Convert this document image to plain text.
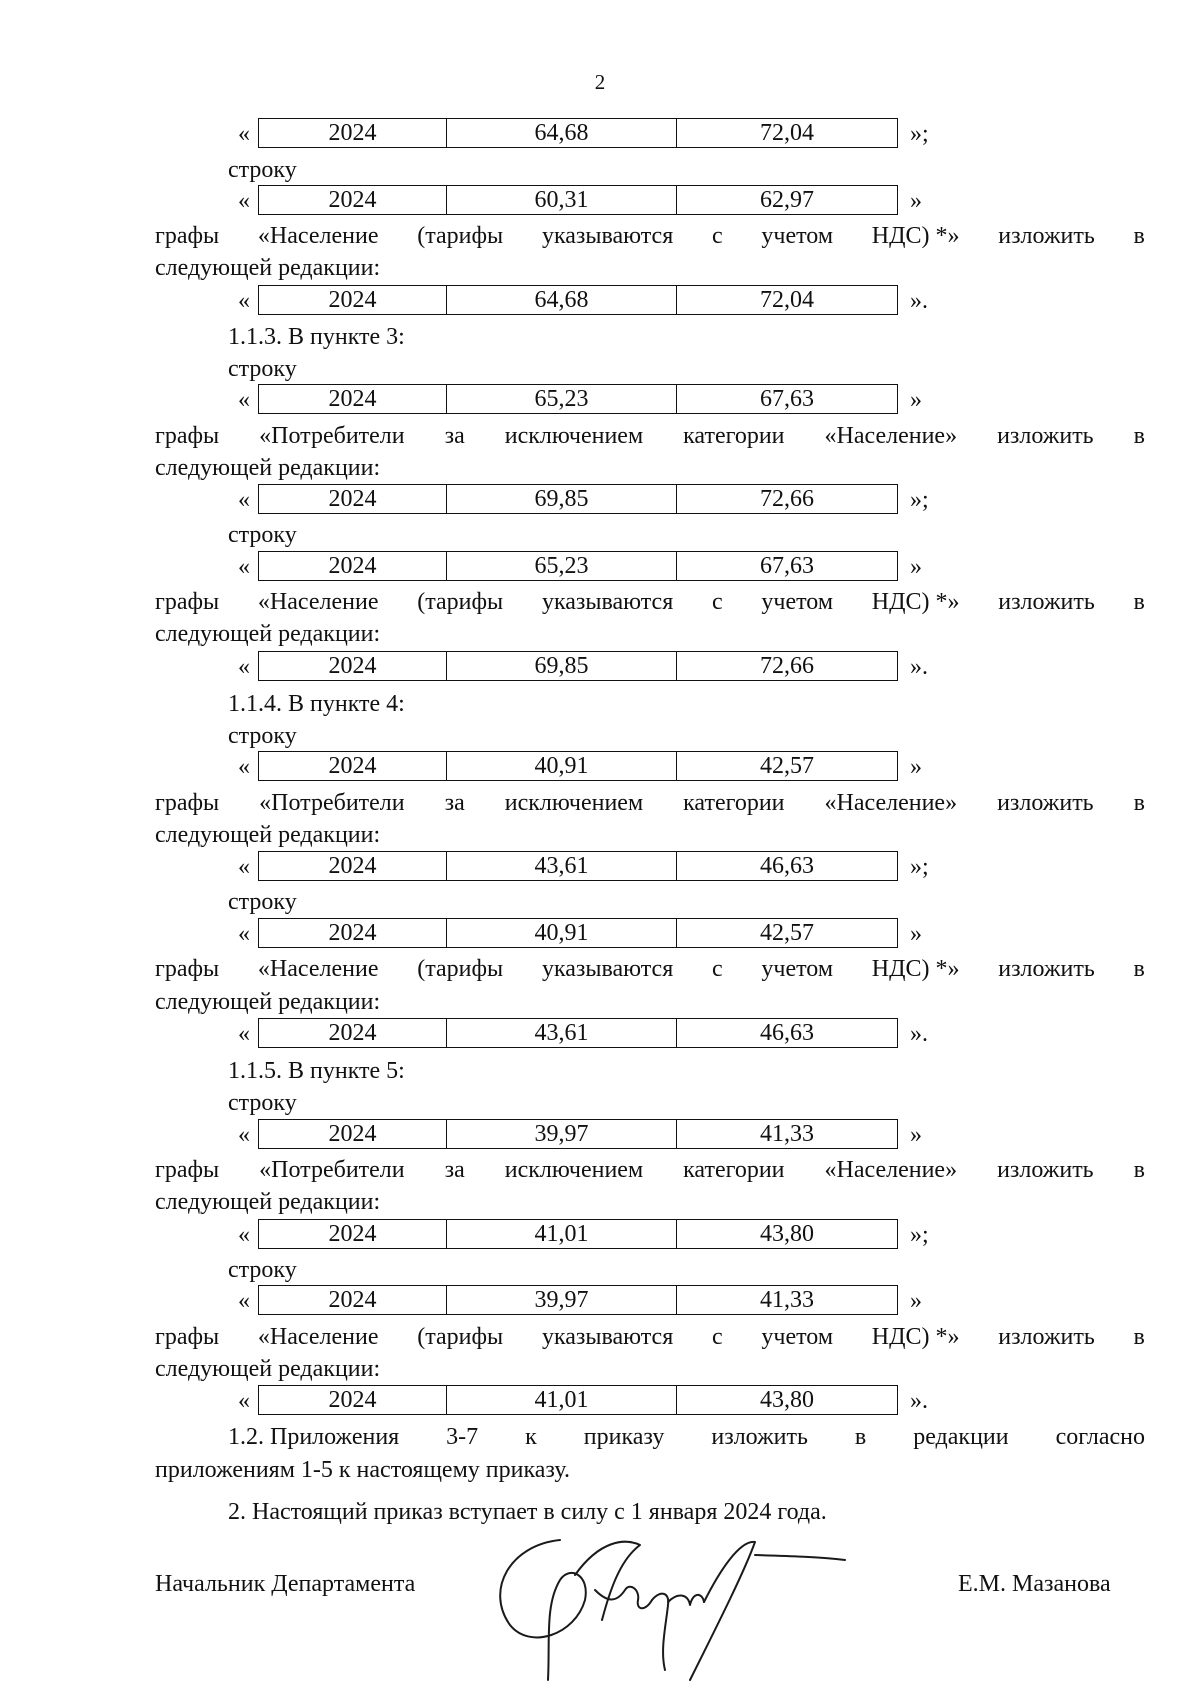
2
«	2024	64,68	72,04	»;
строку
«	2024	60,31	62,97	»
графы «Население (тарифы указываются с учетом НДС) *» изложить в
следующей редакции:
«	2024	64,68	72,04	».
1.1.3. В пункте 3:
строку
«	2024	65,23	67,63	»
графы «Потребители за исключением категории «Население» изложить в
следующей редакции:
«	2024	69,85	72,66	»;
строку
«	2024	65,23	67,63	»
графы «Население (тарифы указываются с учетом НДС) *» изложить в
следующей редакции:
«	2024	69,85	72,66	».
1.1.4. В пункте 4:
строку
«	2024	40,91	42,57	»
графы «Потребители за исключением категории «Население» изложить в
следующей редакции:
«	2024	43,61	46,63	»;
строку
«	2024	40,91	42,57	»
графы «Население (тарифы указываются с учетом НДС) *» изложить в
следующей редакции:
«	2024	43,61	46,63	».
1.1.5. В пункте 5:
строку
«	2024	39,97	41,33	»
графы «Потребители за исключением категории «Население» изложить в
следующей редакции:
«	2024	41,01	43,80	»;
строку
«	2024	39,97	41,33	»
графы «Население (тарифы указываются с учетом НДС) *» изложить в
следующей редакции:
«	2024	41,01	43,80	».
1.2. Приложения 3-7 к приказу изложить в редакции согласно
приложениям 1-5 к настоящему приказу.
2. Настоящий приказ вступает в силу с 1 января 2024 года.
Начальник Департамента	Е.М. Мазанова
